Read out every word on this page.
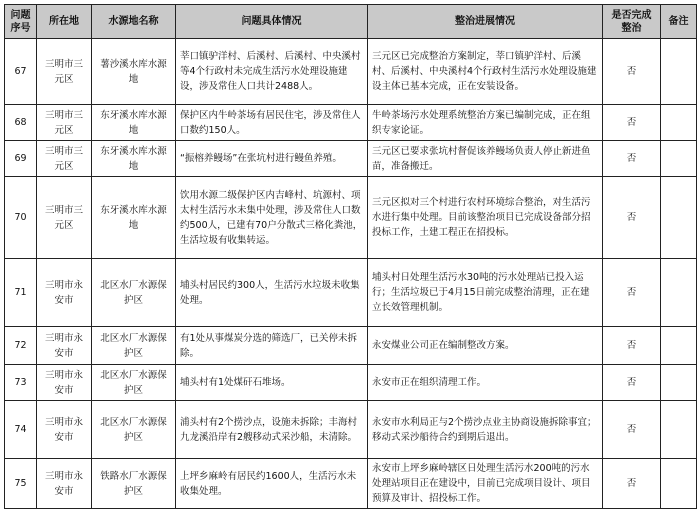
问题序号	所在地	水源地名称	问题具体情况	整治进展情况	是否完成整治	备注
67	三明市三元区	薯沙溪水库水源地	莘口镇驴洋村、后溪村、后溪村、中央溪村等4个行政村未完成生活污水处理设施建设，涉及常住人口共计2488人。	三元区已完成整治方案制定，莘口镇驴洋村、后溪村、后溪村、中央溪村4个行政村生活污水处理设施建设主体已基本完成，正在安装设备。	否	
68	三明市三元区	东牙溪水库水源地	保护区内牛岭茶场有居民住宅，涉及常住人口数约150人。	牛岭茶场污水处理系统整治方案已编制完成，正在组织专家论证。	否	
69	三明市三元区	东牙溪水库水源地	“振榕养鳗场”在张坑村进行鳗鱼养殖。	三元区已要求张坑村督促该养鳗场负责人停止新进鱼苗，准备搬迁。	否	
70	三明市三元区	东牙溪水库水源地	饮用水源二级保护区内吉峰村、坑源村、项太村生活污水未集中处理，涉及常住人口数约500人，已建有70户分散式三格化粪池，生活垃圾有收集转运。	三元区拟对三个村进行农村环境综合整治，对生活污水进行集中处理。目前该整治项目已完成设备部分招投标工作，土建工程正在招投标。	否	
71	三明市永安市	北区水厂水源保护区	埔头村居民约300人，生活污水垃圾未收集处理。	埔头村日处理生活污水30吨的污水处理站已投入运行；生活垃圾已于4月15日前完成整治清理，正在建立长效管理机制。	否	
72	三明市永安市	北区水厂水源保护区	有1处从事煤炭分选的筛选厂，已关停未拆除。	永安煤业公司正在编制整改方案。	否	
73	三明市永安市	北区水厂水源保护区	埔头村有1处煤矸石堆场。	永安市正在组织清理工作。	否	
74	三明市永安市	北区水厂水源保护区	浦头村有2个捞沙点，设施未拆除；丰海村九龙溪沿岸有2艘移动式采沙船，未清除。	永安市水利局正与2个捞沙点业主协商设施拆除事宜；移动式采沙船待合约到期后退出。	否	
75	三明市永安市	铁路水厂水源保护区	上坪乡麻岭有居民约1600人，生活污水未收集处理。	永安市上坪乡麻岭辖区日处理生活污水200吨的污水处理站项目正在建设中，目前已完成项目设计、项目预算及审计、招投标工作。	否	
